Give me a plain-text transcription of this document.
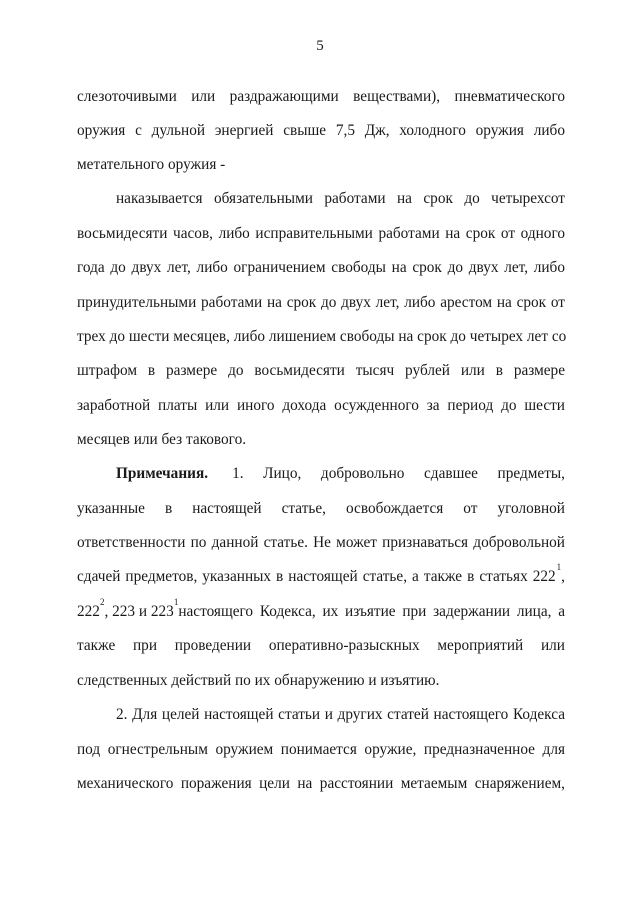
5
слезоточивыми или раздражающими веществами), пневматического
оружия с дульной энергией свыше 7,5 Дж, холодного оружия либо
метательного оружия -
наказывается обязательными работами на срок до четырехсот
восьмидесяти часов, либо исправительными работами на срок от одного
года до двух лет, либо ограничением свободы на срок до двух лет, либо
принудительными работами на срок до двух лет, либо арестом на срок от
трех до шести месяцев, либо лишением свободы на срок до четырех лет со
штрафом в размере до восьмидесяти тысяч рублей или в размере
заработной платы или иного дохода осужденного за период до шести
месяцев или без такового.
Примечания. 1. Лицо, добровольно сдавшее предметы,
указанные в настоящей статье, освобождается от уголовной
ответственности по данной статье. Не может признаваться добровольной
сдачей предметов, указанных в настоящей статье, а также в статьях 222
1
,
222
2
, 223 и 223
1
настоящего Кодекса, их изъятие при задержании лица, а
также при проведении оперативно-разыскных мероприятий или
следственных действий по их обнаружению и изъятию.
2. Для целей настоящей статьи и других статей настоящего Кодекса
под огнестрельным оружием понимается оружие, предназначенное для
механического поражения цели на расстоянии метаемым снаряжением,
